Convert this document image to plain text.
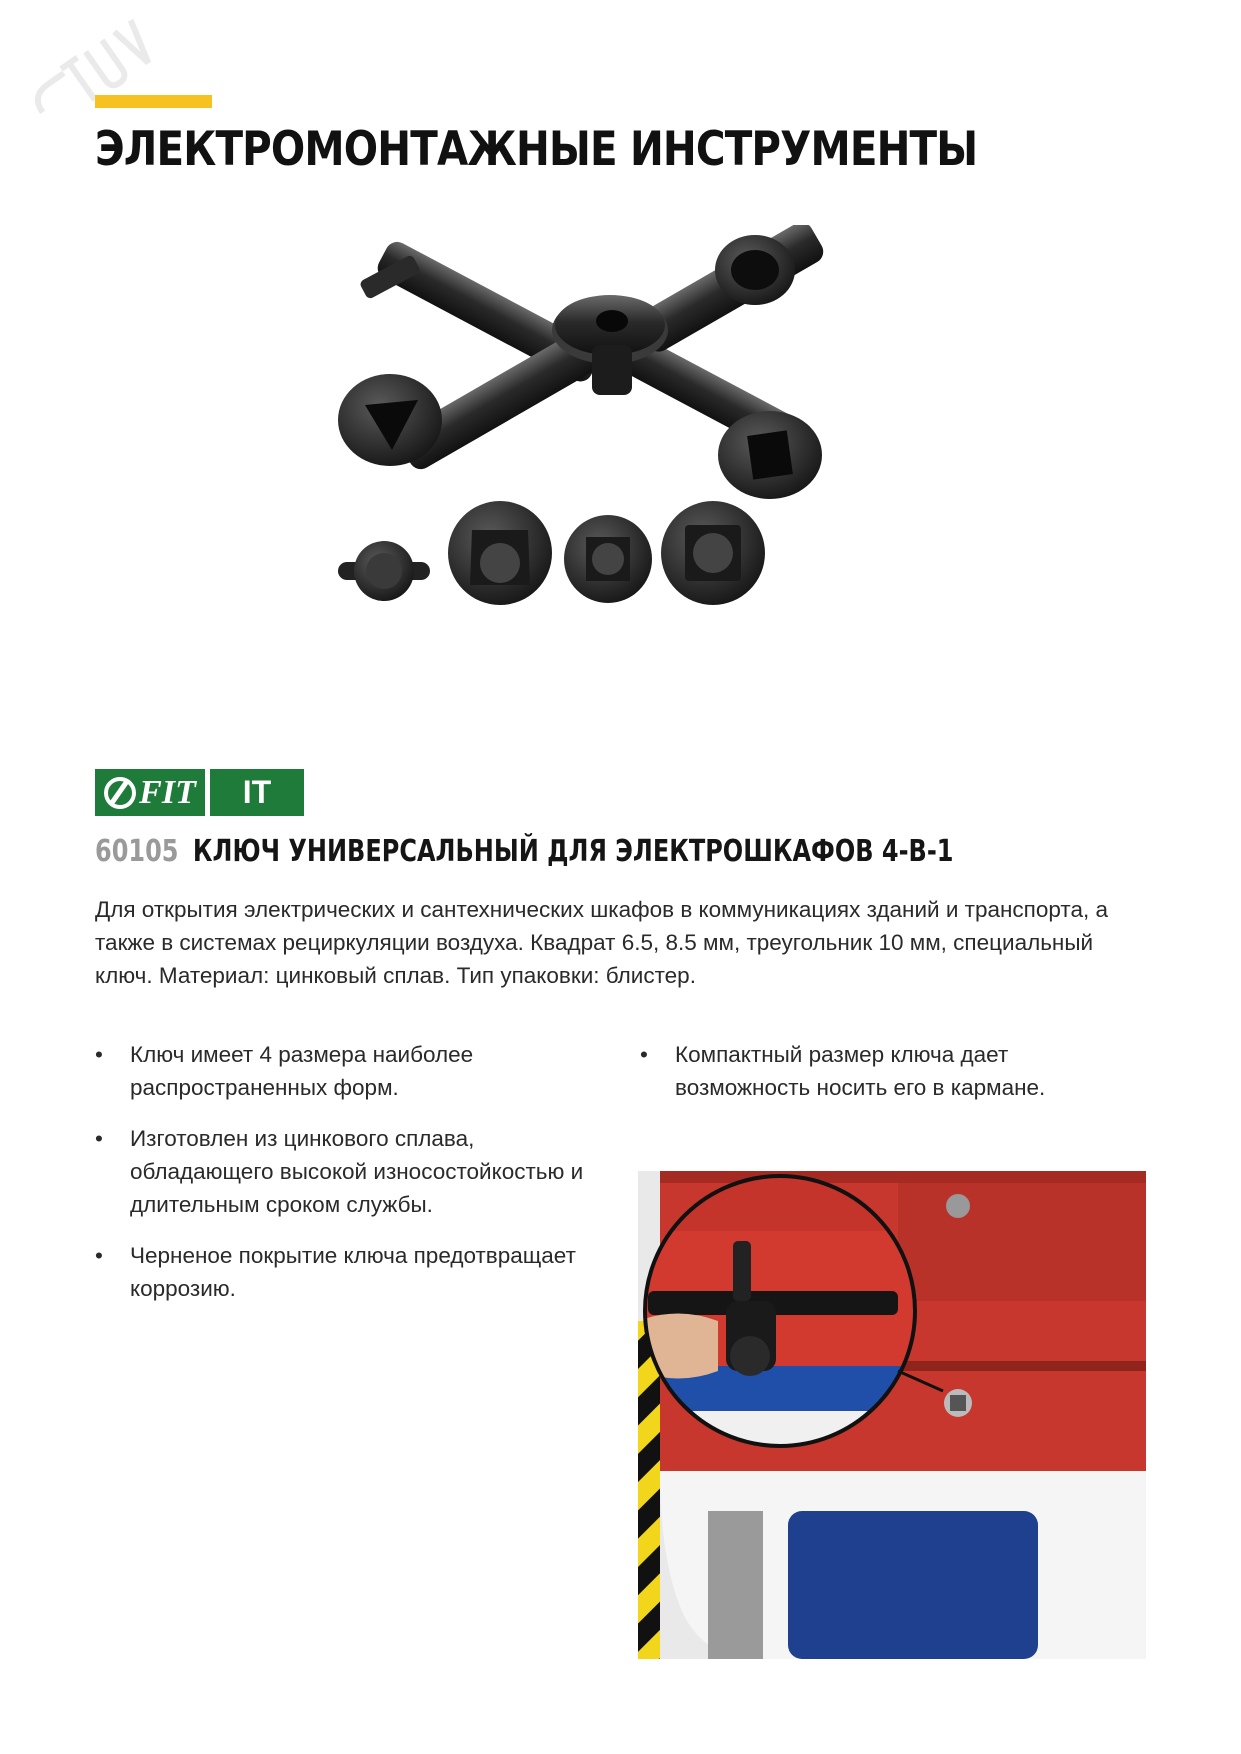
ЭЛЕКТРОМОНТАЖНЫЕ ИНСТРУМЕНТЫ
FIT	IT
60105 КЛЮЧ УНИВЕРСАЛЬНЫЙ ДЛЯ ЭЛЕКТРОШКАФОВ 4-В-1

Для открытия электрических и сантехнических шкафов в коммуникациях зданий и транспорта, а также в системах рециркуляции воздуха. Квадрат 6.5, 8.5 мм, треугольник 10 мм, специальный ключ. Материал: цинковый сплав. Тип упаковки: блистер.

• Ключ имеет 4 размера наиболее распространенных форм.
• Изготовлен из цинкового сплава, обладающего высокой износостойкостью и длительным сроком службы.
• Черненое покрытие ключа предотвращает коррозию.
• Компактный размер ключа дает возможность носить его в кармане.
